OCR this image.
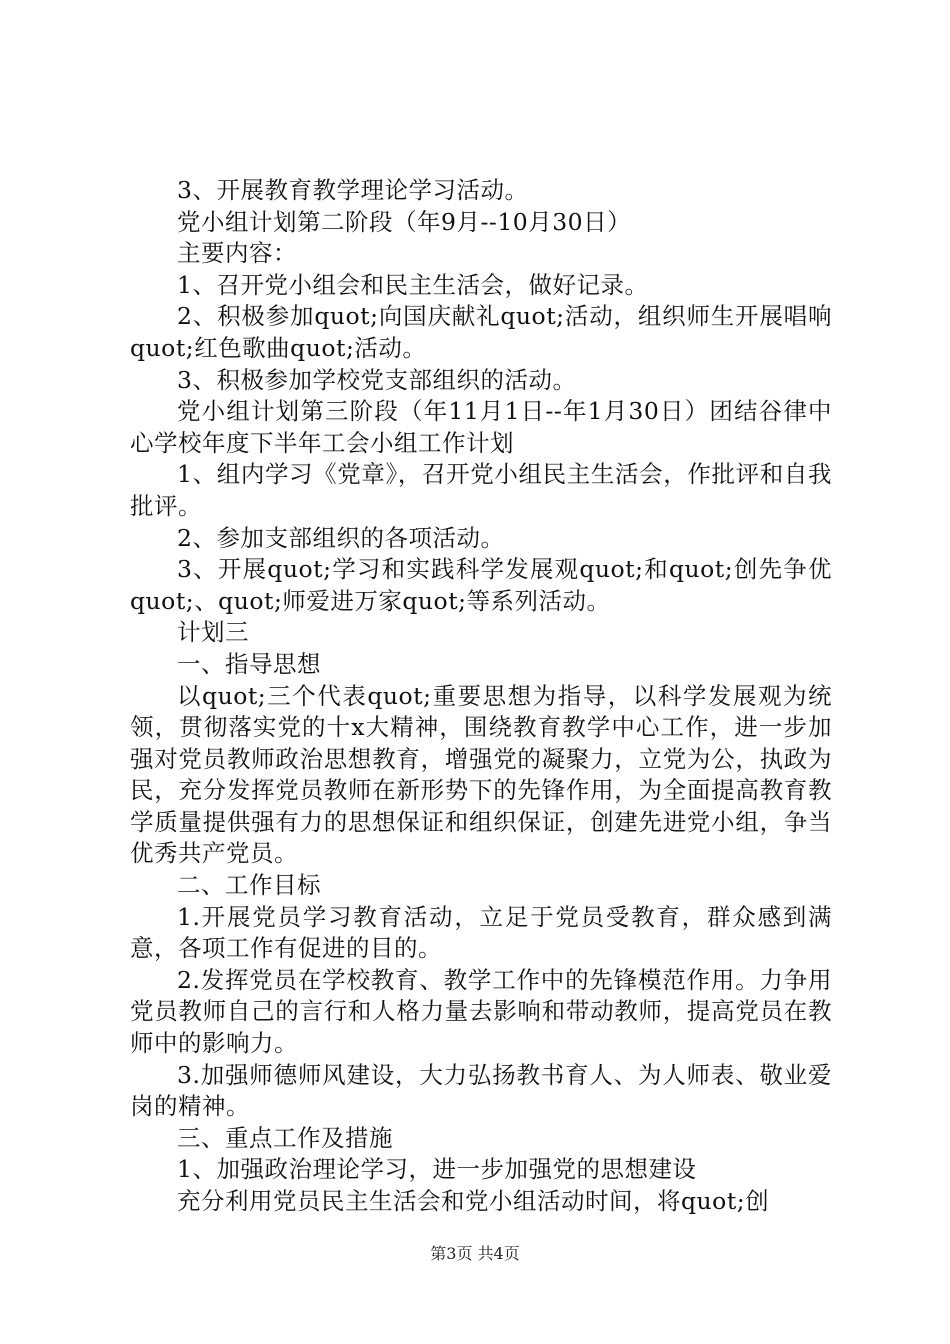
3、开展教育教学理论学习活动。

党小组计划第二阶段（年9月--10月30日）

主要内容：

1、召开党小组会和民主生活会，做好记录。

2、积极参加quot;向国庆献礼quot;活动，组织师生开展唱响quot;红色歌曲quot;活动。

3、积极参加学校党支部组织的活动。

党小组计划第三阶段（年11月1日--年1月30日）团结谷律中心学校年度下半年工会小组工作计划

1、组内学习《党章》，召开党小组民主生活会，作批评和自我批评。

2、参加支部组织的各项活动。

3、开展quot;学习和实践科学发展观quot;和quot;创先争优quot;、quot;师爱进万家quot;等系列活动。

计划三

一、指导思想

以quot;三个代表quot;重要思想为指导，以科学发展观为统领，贯彻落实党的十x大精神，围绕教育教学中心工作，进一步加强对党员教师政治思想教育，增强党的凝聚力，立党为公，执政为民，充分发挥党员教师在新形势下的先锋作用，为全面提高教育教学质量提供强有力的思想保证和组织保证，创建先进党小组，争当优秀共产党员。

二、工作目标

1.开展党员学习教育活动，立足于党员受教育，群众感到满意，各项工作有促进的目的。

2.发挥党员在学校教育、教学工作中的先锋模范作用。力争用党员教师自己的言行和人格力量去影响和带动教师，提高党员在教师中的影响力。

3.加强师德师风建设，大力弘扬教书育人、为人师表、敬业爱岗的精神。

三、重点工作及措施

1、加强政治理论学习，进一步加强党的思想建设

充分利用党员民主生活会和党小组活动时间，将quot;创

第3页 共4页
